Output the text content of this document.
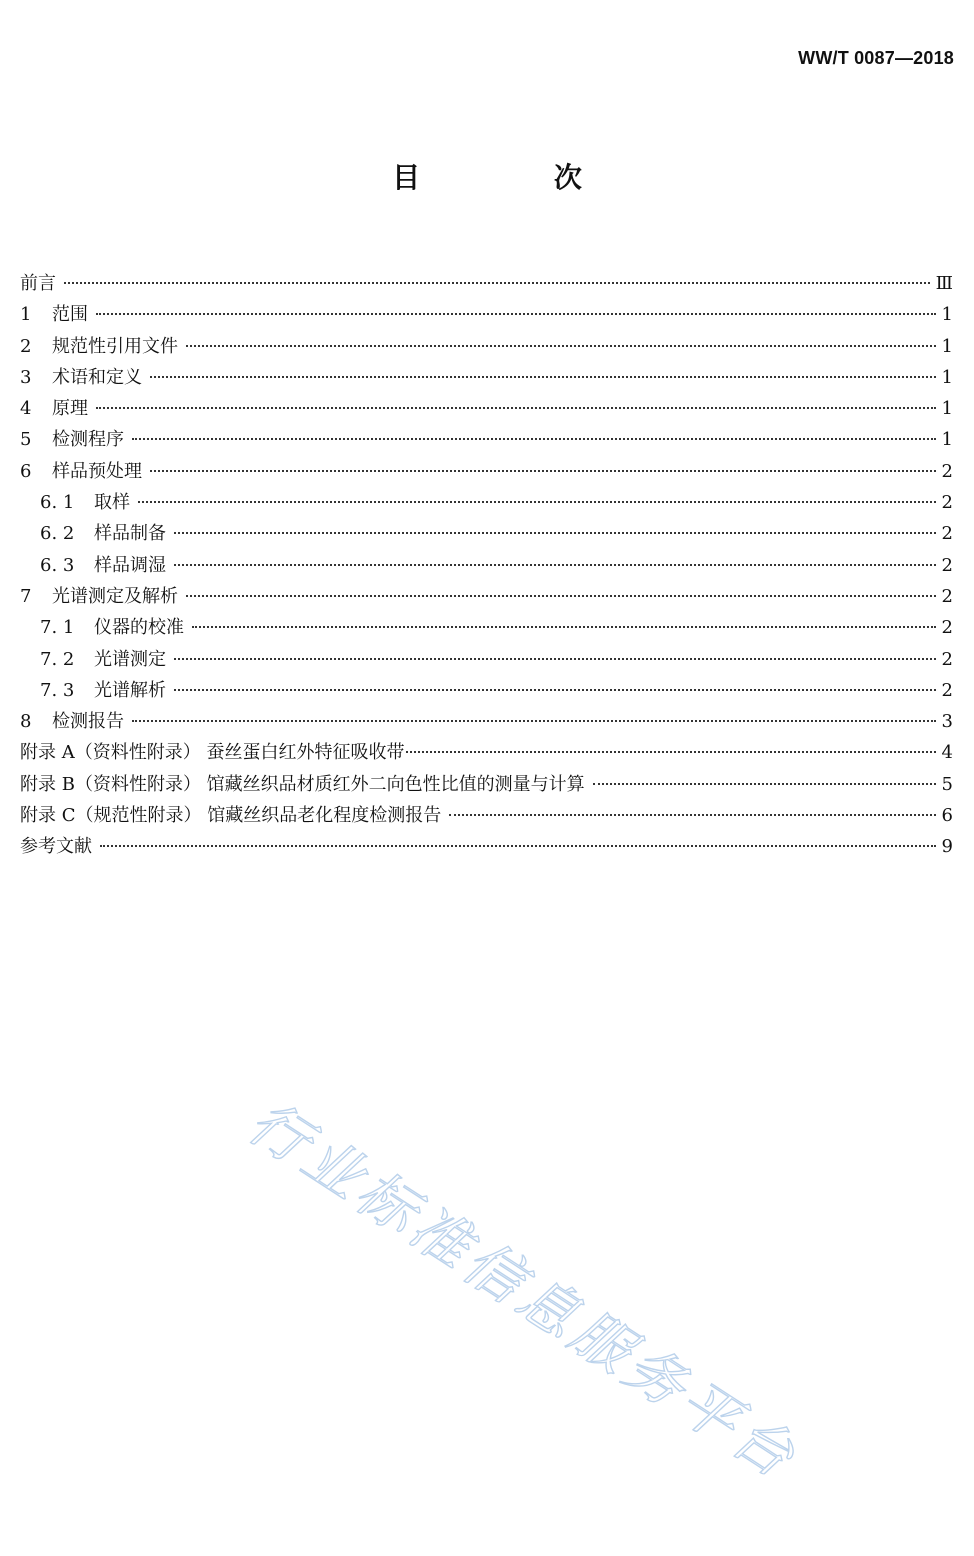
WW/T 0087—2018
目 次
前言	Ⅲ
1	范围	1
2	规范性引用文件	1
3	术语和定义	1
4	原理	1
5	检测程序	1
6	样品预处理	2
6. 1	取样	2
6. 2	样品制备	2
6. 3	样品调湿	2
7	光谱测定及解析	2
7. 1	仪器的校准	2
7. 2	光谱测定	2
7. 3	光谱解析	2
8	检测报告	3
附录 A（资料性附录） 蚕丝蛋白红外特征吸收带	4
附录 B（资料性附录） 馆藏丝织品材质红外二向色性比值的测量与计算	5
附录 C（规范性附录） 馆藏丝织品老化程度检测报告	6
参考文献	9
行业标准信息服务平台
